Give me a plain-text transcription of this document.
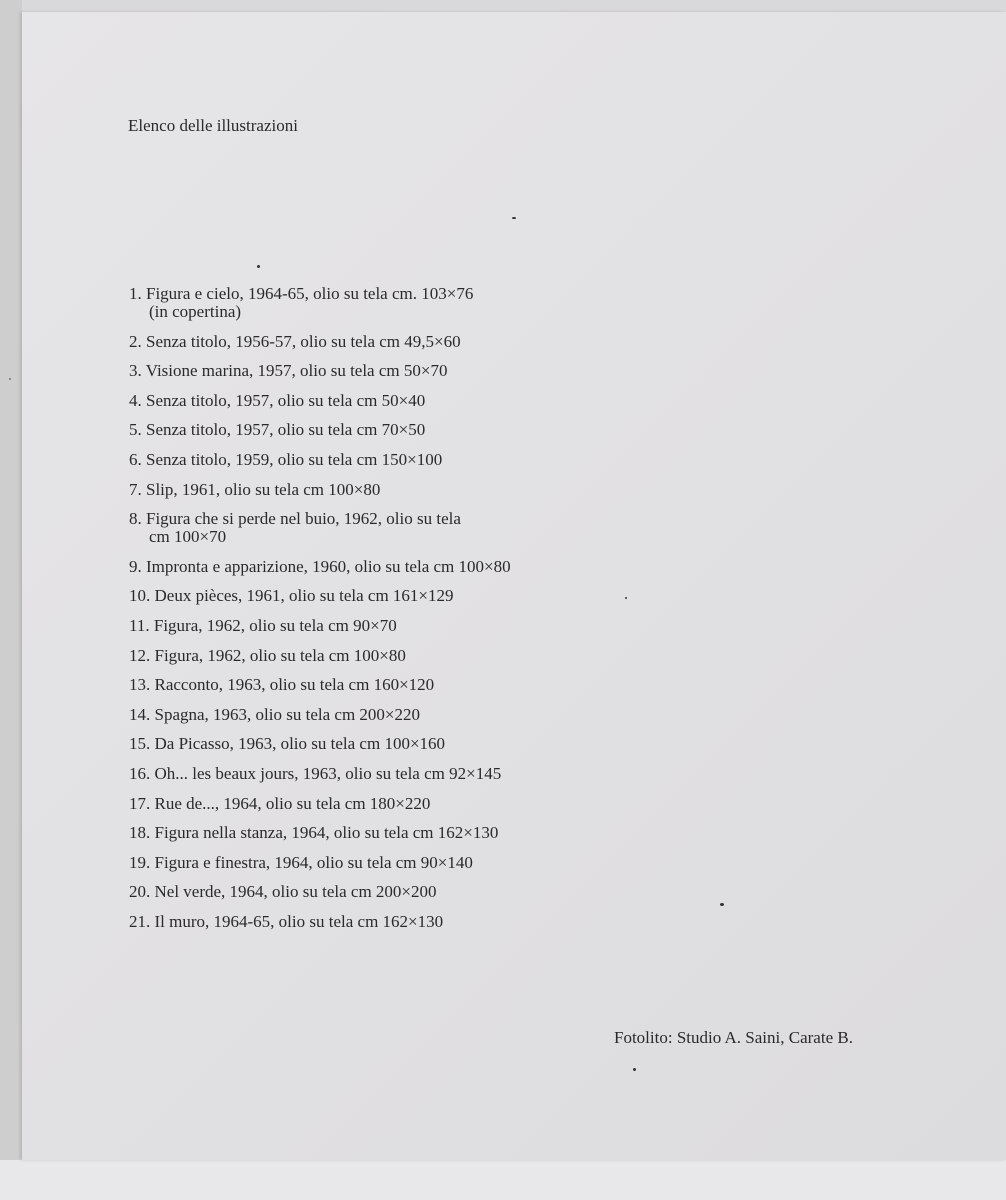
Elenco delle illustrazioni
1. Figura e cielo, 1964-65, olio su tela cm. 103×76
(in copertina)
2. Senza titolo, 1956-57, olio su tela cm 49,5×60
3. Visione marina, 1957, olio su tela cm 50×70
4. Senza titolo, 1957, olio su tela cm 50×40
5. Senza titolo, 1957, olio su tela cm 70×50
6. Senza titolo, 1959, olio su tela cm 150×100
7. Slip, 1961, olio su tela cm 100×80
8. Figura che si perde nel buio, 1962, olio su tela
cm 100×70
9. Impronta e apparizione, 1960, olio su tela cm 100×80
10. Deux pièces, 1961, olio su tela cm 161×129
11. Figura, 1962, olio su tela cm 90×70
12. Figura, 1962, olio su tela cm 100×80
13. Racconto, 1963, olio su tela cm 160×120
14. Spagna, 1963, olio su tela cm 200×220
15. Da Picasso, 1963, olio su tela cm 100×160
16. Oh... les beaux jours, 1963, olio su tela cm 92×145
17. Rue de..., 1964, olio su tela cm 180×220
18. Figura nella stanza, 1964, olio su tela cm 162×130
19. Figura e finestra, 1964, olio su tela cm 90×140
20. Nel verde, 1964, olio su tela cm 200×200
21. Il muro, 1964-65, olio su tela cm 162×130
Fotolito: Studio A. Saini, Carate B.
